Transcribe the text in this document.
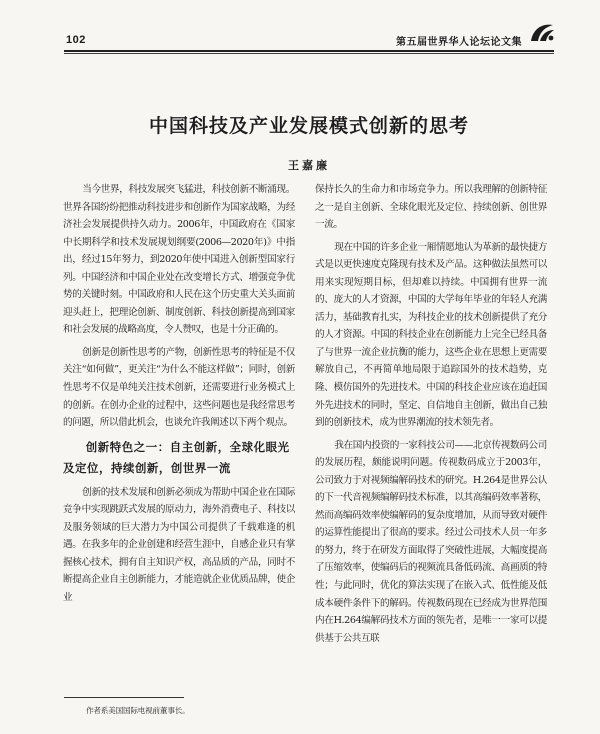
102	第五届世界华人论坛论文集
中国科技及产业发展模式创新的思考
王嘉廉

当今世界，科技发展突飞猛进，科技创新不断涌现。世界各国纷纷把推动科技进步和创新作为国家战略，为经济社会发展提供持久动力。2006年，中国政府在《国家中长期科学和技术发展规划纲要(2006—2020年)》中指出，经过15年努力，到2020年使中国进入创新型国家行列。中国经济和中国企业处在改变增长方式、增强竞争优势的关键时刻。中国政府和人民在这个历史重大关头面前迎头赶上，把理论创新、制度创新、科技创新提高到国家和社会发展的战略高度，令人赞叹，也是十分正确的。

创新是创新性思考的产物，创新性思考的特征是不仅关注“如何做”，更关注“为什么不能这样做”；同时，创新性思考不仅是单纯关注技术创新，还需要进行业务模式上的创新。在创办企业的过程中，这些问题也是我经常思考的问题，所以借此机会，也谈允许我阐述以下两个观点。

创新特色之一：自主创新，全球化眼光及定位，持续创新，创世界一流

创新的技术发展和创新必须成为帮助中国企业在国际竞争中实现跳跃式发展的原动力，海外消费电子、科技以及服务领域的巨大潜力为中国公司提供了千载难逢的机遇。在我多年的企业创建和经营生涯中，自感企业只有掌握核心技术，拥有自主知识产权，高品质的产品，同时不断提高企业自主创新能力，才能造就企业优质品牌，使企业

保持长久的生命力和市场竞争力。所以我理解的创新特征之一是自主创新、全球化眼光及定位、持续创新、创世界一流。

现在中国的许多企业一厢情愿地认为革新的最快捷方式是以更快速度克隆现有技术及产品。这种做法虽然可以用来实现短期目标，但却难以持续。中国拥有世界一流的、庞大的人才资源，中国的大学每年毕业的年轻人充满活力，基础教育扎实，为科技企业的技术创新提供了充分的人才资源。中国的科技企业在创新能力上完全已经具备了与世界一流企业抗衡的能力，这些企业在思想上更需要解放自己，不再简单地局限于追踪国外的技术趋势，克隆、模仿国外的先进技术。中国的科技企业应该在追赶国外先进技术的同时，坚定、自信地自主创新，做出自己独到的创新技术，成为世界潮流的技术领先者。

我在国内投资的一家科技公司——北京传视数码公司的发展历程，颇能说明问题。传视数码成立于2003年，公司致力于对视频编解码技术的研究。H.264是世界公认的下一代音视频编解码技术标准，以其高编码效率著称，然而高编码效率使编解码的复杂度增加，从而导致对硬件的运算性能提出了很高的要求。经过公司技术人员一年多的努力，终于在研发方面取得了突破性进展，大幅度提高了压缩效率，使编码后的视频流具备低码流、高画质的特性；与此同时，优化的算法实现了在嵌入式、低性能及低成本硬件条件下的解码。传视数码现在已经成为世界范围内在H.264编解码技术方面的领先者，是唯一一家可以提供基于公共互联

作者系美国国际电视前董事长。
